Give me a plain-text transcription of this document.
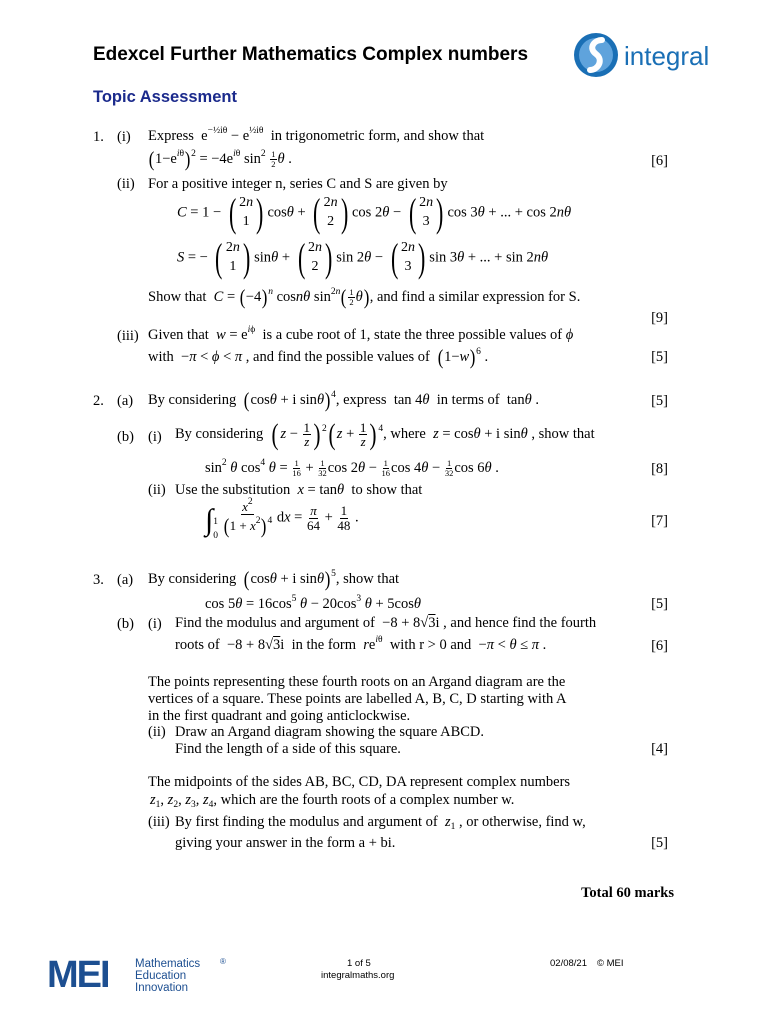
Edexcel Further Mathematics Complex numbers	integral
Topic Assessment
1. (i) Express $e^{-\frac{1}{2}i\theta} - e^{\frac{1}{2}i\theta}$ in trigonometric form, and show that
$(1-e^{i\theta})^2 = -4e^{i\theta}$ $\sin^2 \frac{1}{2}$ θ .	[6]
(ii) For a positive integer n, series C and S are given by
C = 1 − ( 2n
1 ) cosθ + ( 2n
2 ) cos 2θ − ( 2n
3 ) cos 3θ + ... + cos 2nθ
S = − ( 2n
1 ) sinθ + ( 2n
2 ) sin 2θ − ( 2n
3 ) sin 3θ + ... + sin 2nθ
Show that $C = (-4)^n$ cosnθ $\sin^{2n}( \frac{1}{2} \theta)$, and find a similar expression for S.
[9]
(iii) Given that $w = e^{i\phi}$ is a cube root of 1, state the three possible values of ϕ
with  −π < ϕ < π , and find the possible values of $(1-w)^6$ .	[5]
2. (a) By considering (cosθ + i sinθ)$^4$, express  tan 4θ in terms of  tanθ .	[5]
(b) (i) By considering ( $z - \frac{1}{z}$ ) $^2$( $z + \frac{1}{z}$ ) $^4$, where z = cosθ + i sinθ , show that
$\sin^2 \theta$ $\cos^4 \theta = \frac{1}{16} + \frac{1}{32}$ $\cos 2\theta - \frac{1}{16}$ $\cos 4\theta - \frac{1}{32}$ cos 6θ .	[8]
(ii) Use the substitution x = tanθ to show that
∫ 1
0
$\frac{x^2}{(1 + x^2)^4}$ dx = $\frac{\pi}{64} + \frac{1}{48}$ .	[7]
3. (a) By considering (cosθ + i sinθ)$^5$, show that
$\cos 5\theta = 16\cos^5$ $\theta - 20\cos^3$ θ + 5cosθ	[5]
(b) (i) Find the modulus and argument of  −8 + 8√3i , and hence find the fourth
roots of  −8 + 8√3i  in the form $re^{i\theta}$ with r > 0 and  −π < θ ≤ π .	[6]
The points representing these fourth roots on an Argand diagram are the
vertices of a square. These points are labelled A, B, C, D starting with A
in the first quadrant and going anticlockwise.
(ii) Draw an Argand diagram showing the square ABCD.
Find the length of a side of this square.	[4]
The midpoints of the sides AB, BC, CD, DA represent complex numbers
$z_1$, $z_2$, $z_3$, $z_4$, which are the fourth roots of a complex number w.
(iii) By first finding the modulus and argument of $z_1$ , or otherwise, find w,
giving your answer in the form a + bi.	[5]
Total 60 marks
MEI Mathematics
Education
Innovation
®	1 of 5
integralmaths.org
02/08/21 © MEI
